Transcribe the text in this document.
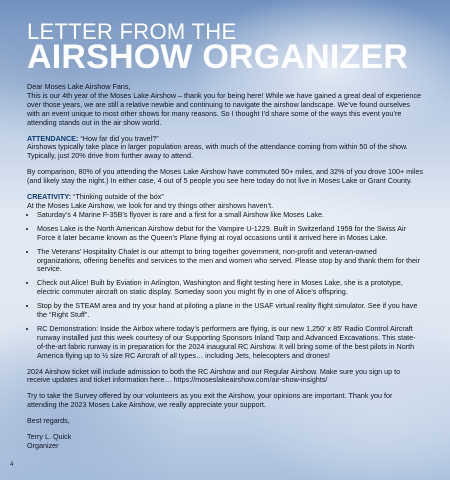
LETTER FROM THE
AIRSHOW ORGANIZER

Dear Moses Lake Airshow Fans,
This is our 4th year of the Moses Lake Airshow – thank you for being here! While we have gained a great deal of experience over those years, we are still a relative newbie and continuing to navigate the airshow landscape. We’ve found ourselves with an event unique to most other shows for many reasons. So I thought I’d share some of the ways this event you’re attending stands out in the air show world.

ATTENDANCE: “How far did you travel?”
Airshows typically take place in larger population areas, with much of the attendance coming from within 50 of the show. Typically, just 20% drive from further away to attend.

By comparison, 80% of you attending the Moses Lake Airshow have commuted 50+ miles, and 32% of you drove 100+ miles (and likely stay the night.) In either case, 4 out of 5 people you see here today do not live in Moses Lake or Grant County.

CREATIVITY: “Thinking outside of the box”
At the Moses Lake Airshow, we look for and try things other airshows haven’t.

• Saturday’s 4 Marine F-35B’s flyover is rare and a first for a small Airshow like Moses Lake.
• Moses Lake is the North American Airshow debut for the Vampire U-1229. Built in Switzerland 1959 for the Swiss Air Force it later became known as the Queen’s Plane flying at royal occasions until it arrived here in Moses Lake.
• The Veterans’ Hospitality Chalet is our attempt to bring together government, non-profit and veteran-owned organizations, offering benefits and services to the men and women who served. Please stop by and thank them for their service.
• Check out Alice! Built by Eviation in Arlington, Washington and flight testing here in Moses Lake, she is a prototype, electric commuter aircraft on static display. Someday soon you might fly in one of Alice’s offspring.
• Stop by the STEAM area and try your hand at piloting a plane in the USAF virtual reality flight simulator. See if you have the “Right Stuff”.
• RC Demonstration: Inside the Airbox where today’s performers are flying, is our new 1,250' x 85' Radio Control Aircraft runway installed just this week courtesy of our Supporting Sponsors Inland Tarp and Advanced Excavations. This state-of-the-art fabric runway is in preparation for the 2024 inaugural RC Airshow. It will bring some of the best pilots in North America flying up to ½ size RC Aircraft of all types… including Jets, helecopters and drones!

2024 Airshow ticket will include admission to both the RC Airshow and our Regular Airshow. Make sure you sign up to receive updates and ticket information here… https://moseslakeairshow.com/air-show-insights/

Try to take the Survey offered by our volunteers as you exit the Airshow, your opinions are important. Thank you for attending the 2023 Moses Lake Airshow, we really appreciate your support.

Best regards,

Terry L. Quick

Organizer

4
